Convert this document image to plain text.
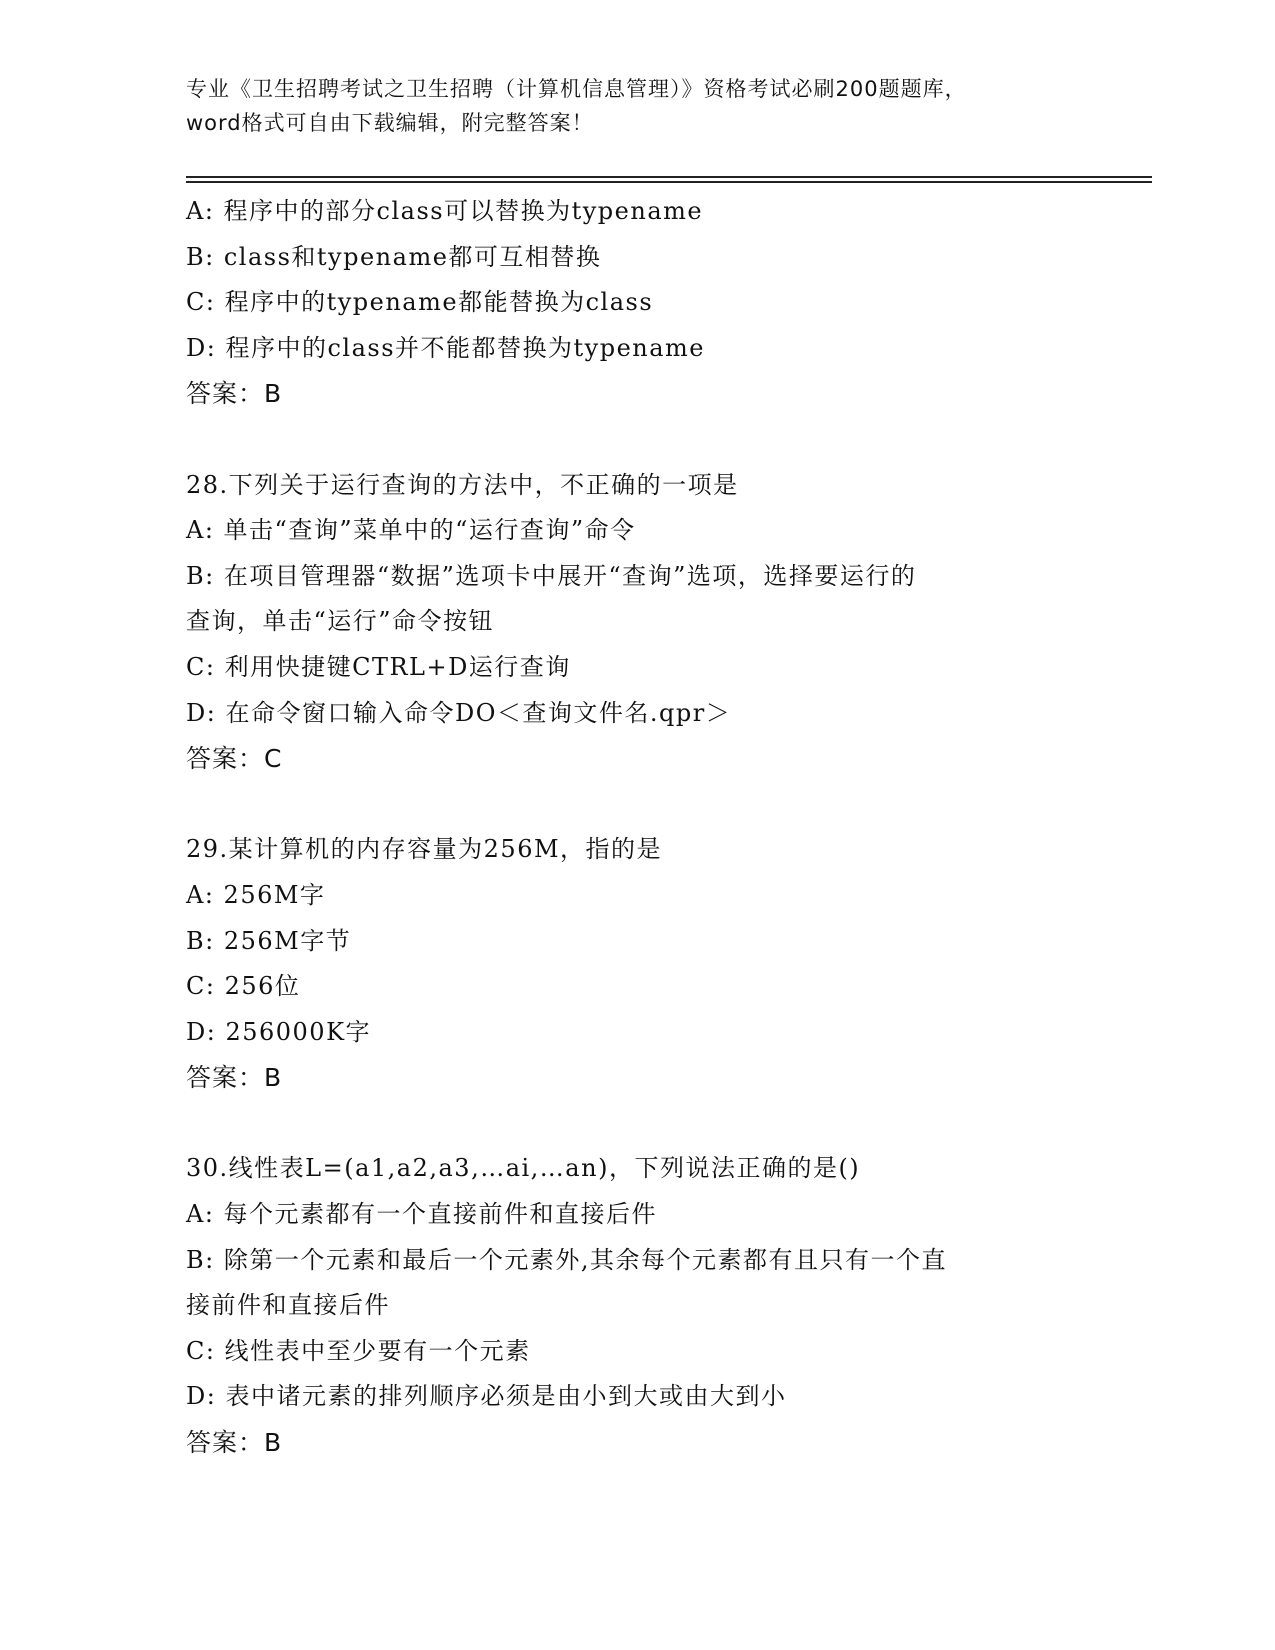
专业《卫生招聘考试之卫生招聘（计算机信息管理）》资格考试必刷200题题库，
word格式可自由下载编辑，附完整答案！
A: 程序中的部分class可以替换为typename
B: class和typename都可互相替换
C: 程序中的typename都能替换为class
D: 程序中的class并不能都替换为typename
答案：B
28.下列关于运行查询的方法中，不正确的一项是
A: 单击“查询”菜单中的“运行查询”命令
B: 在项目管理器“数据”选项卡中展开“查询”选项，选择要运行的
查询，单击“运行”命令按钮
C: 利用快捷键CTRL+D运行查询
D: 在命令窗口输入命令DO＜查询文件名.qpr＞
答案：C
29.某计算机的内存容量为256M，指的是
A: 256M字
B: 256M字节
C: 256位
D: 256000K字
答案：B
30.线性表L=(a1,a2,a3,…ai,…an)，下列说法正确的是()
A: 每个元素都有一个直接前件和直接后件
B: 除第一个元素和最后一个元素外,其余每个元素都有且只有一个直
接前件和直接后件
C: 线性表中至少要有一个元素
D: 表中诸元素的排列顺序必须是由小到大或由大到小
答案：B
